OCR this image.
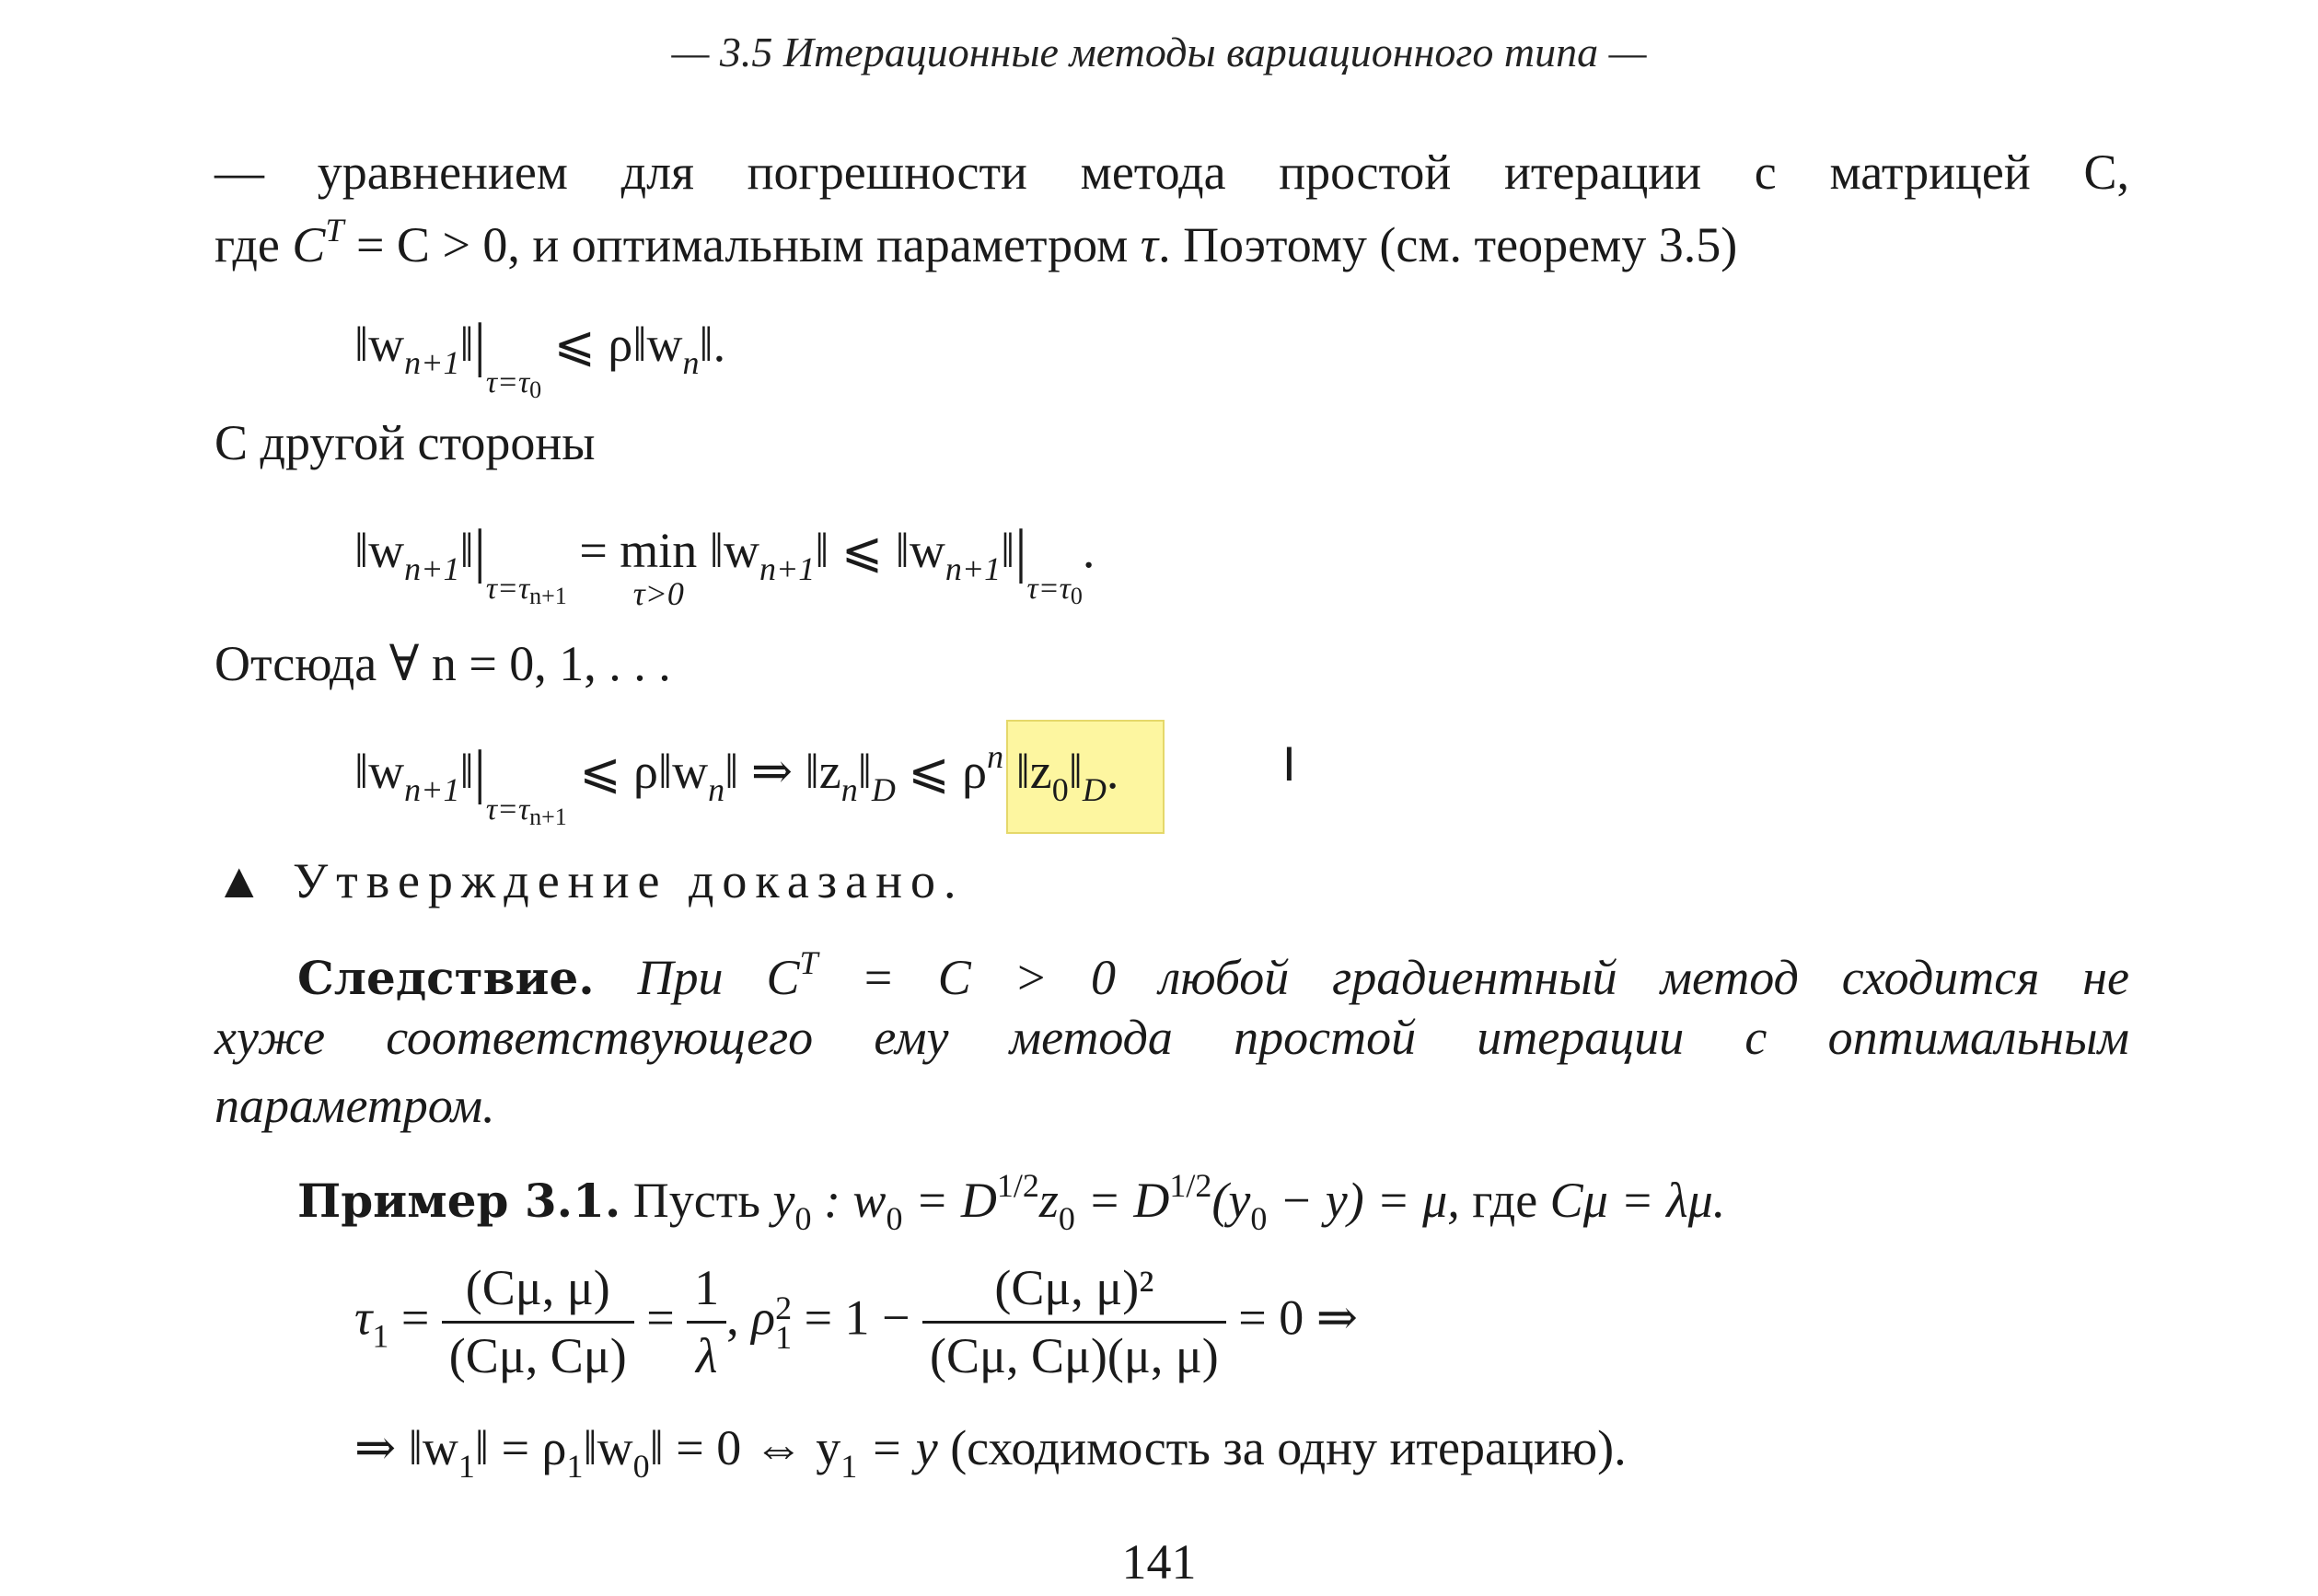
— 3.5 Итерационные методы вариационного типа —
— уравнением для погрешности метода простой итерации с матрицей C,
где $C^T = C > 0$, и оптимальным параметром τ. Поэтому (см. теорему 3.5)
$‖w_{n+1}‖|_{\tau=\tau 0}$ ⩽ $\rho‖w_n‖$.
С другой стороны
$‖w_{n+1}‖|_{\tau=\tau n+1} = \min$
τ>0
$‖w_{n+1}‖$ ⩽ $‖w_{n+1}‖|_{\tau=\tau 0}$.
Отсюда ∀ n = 0, 1, . . .
$‖w_{n+1}‖|_{\tau=\tau n+1}$ ⩽ $\rho‖w_n‖$ ⇒ $‖z_n‖_D$ ⩽ $\rho^n$ $‖z_0‖_D$.	I
▲ Утверждение доказано.
Следствие. При $C^T = C > 0$ любой градиентный метод сходится не
хуже соответствующего ему метода простой итерации с оптимальным
параметром.
Пример 3.1. Пусть $y_0$ : $w_0 = D^{1/2}z_0 = D^{1/2}(y_0 - y) = \mu$, где Cμ = λμ.
$\tau_1 = \frac{(C\mu, \mu)}{(C\mu, C\mu)} = \frac{1}{\lambda}$ , ρ 2
$1 = 1 - \frac{\text{(Cμ, μ)²}}{(C\mu, C\mu)(\mu, \mu)} = 0$ ⇒
⇒ $‖w_1‖$ = $\rho_1‖w_0‖ = 0$ ⇔ $y_1 = y$ (сходимость за одну итерацию).
141
